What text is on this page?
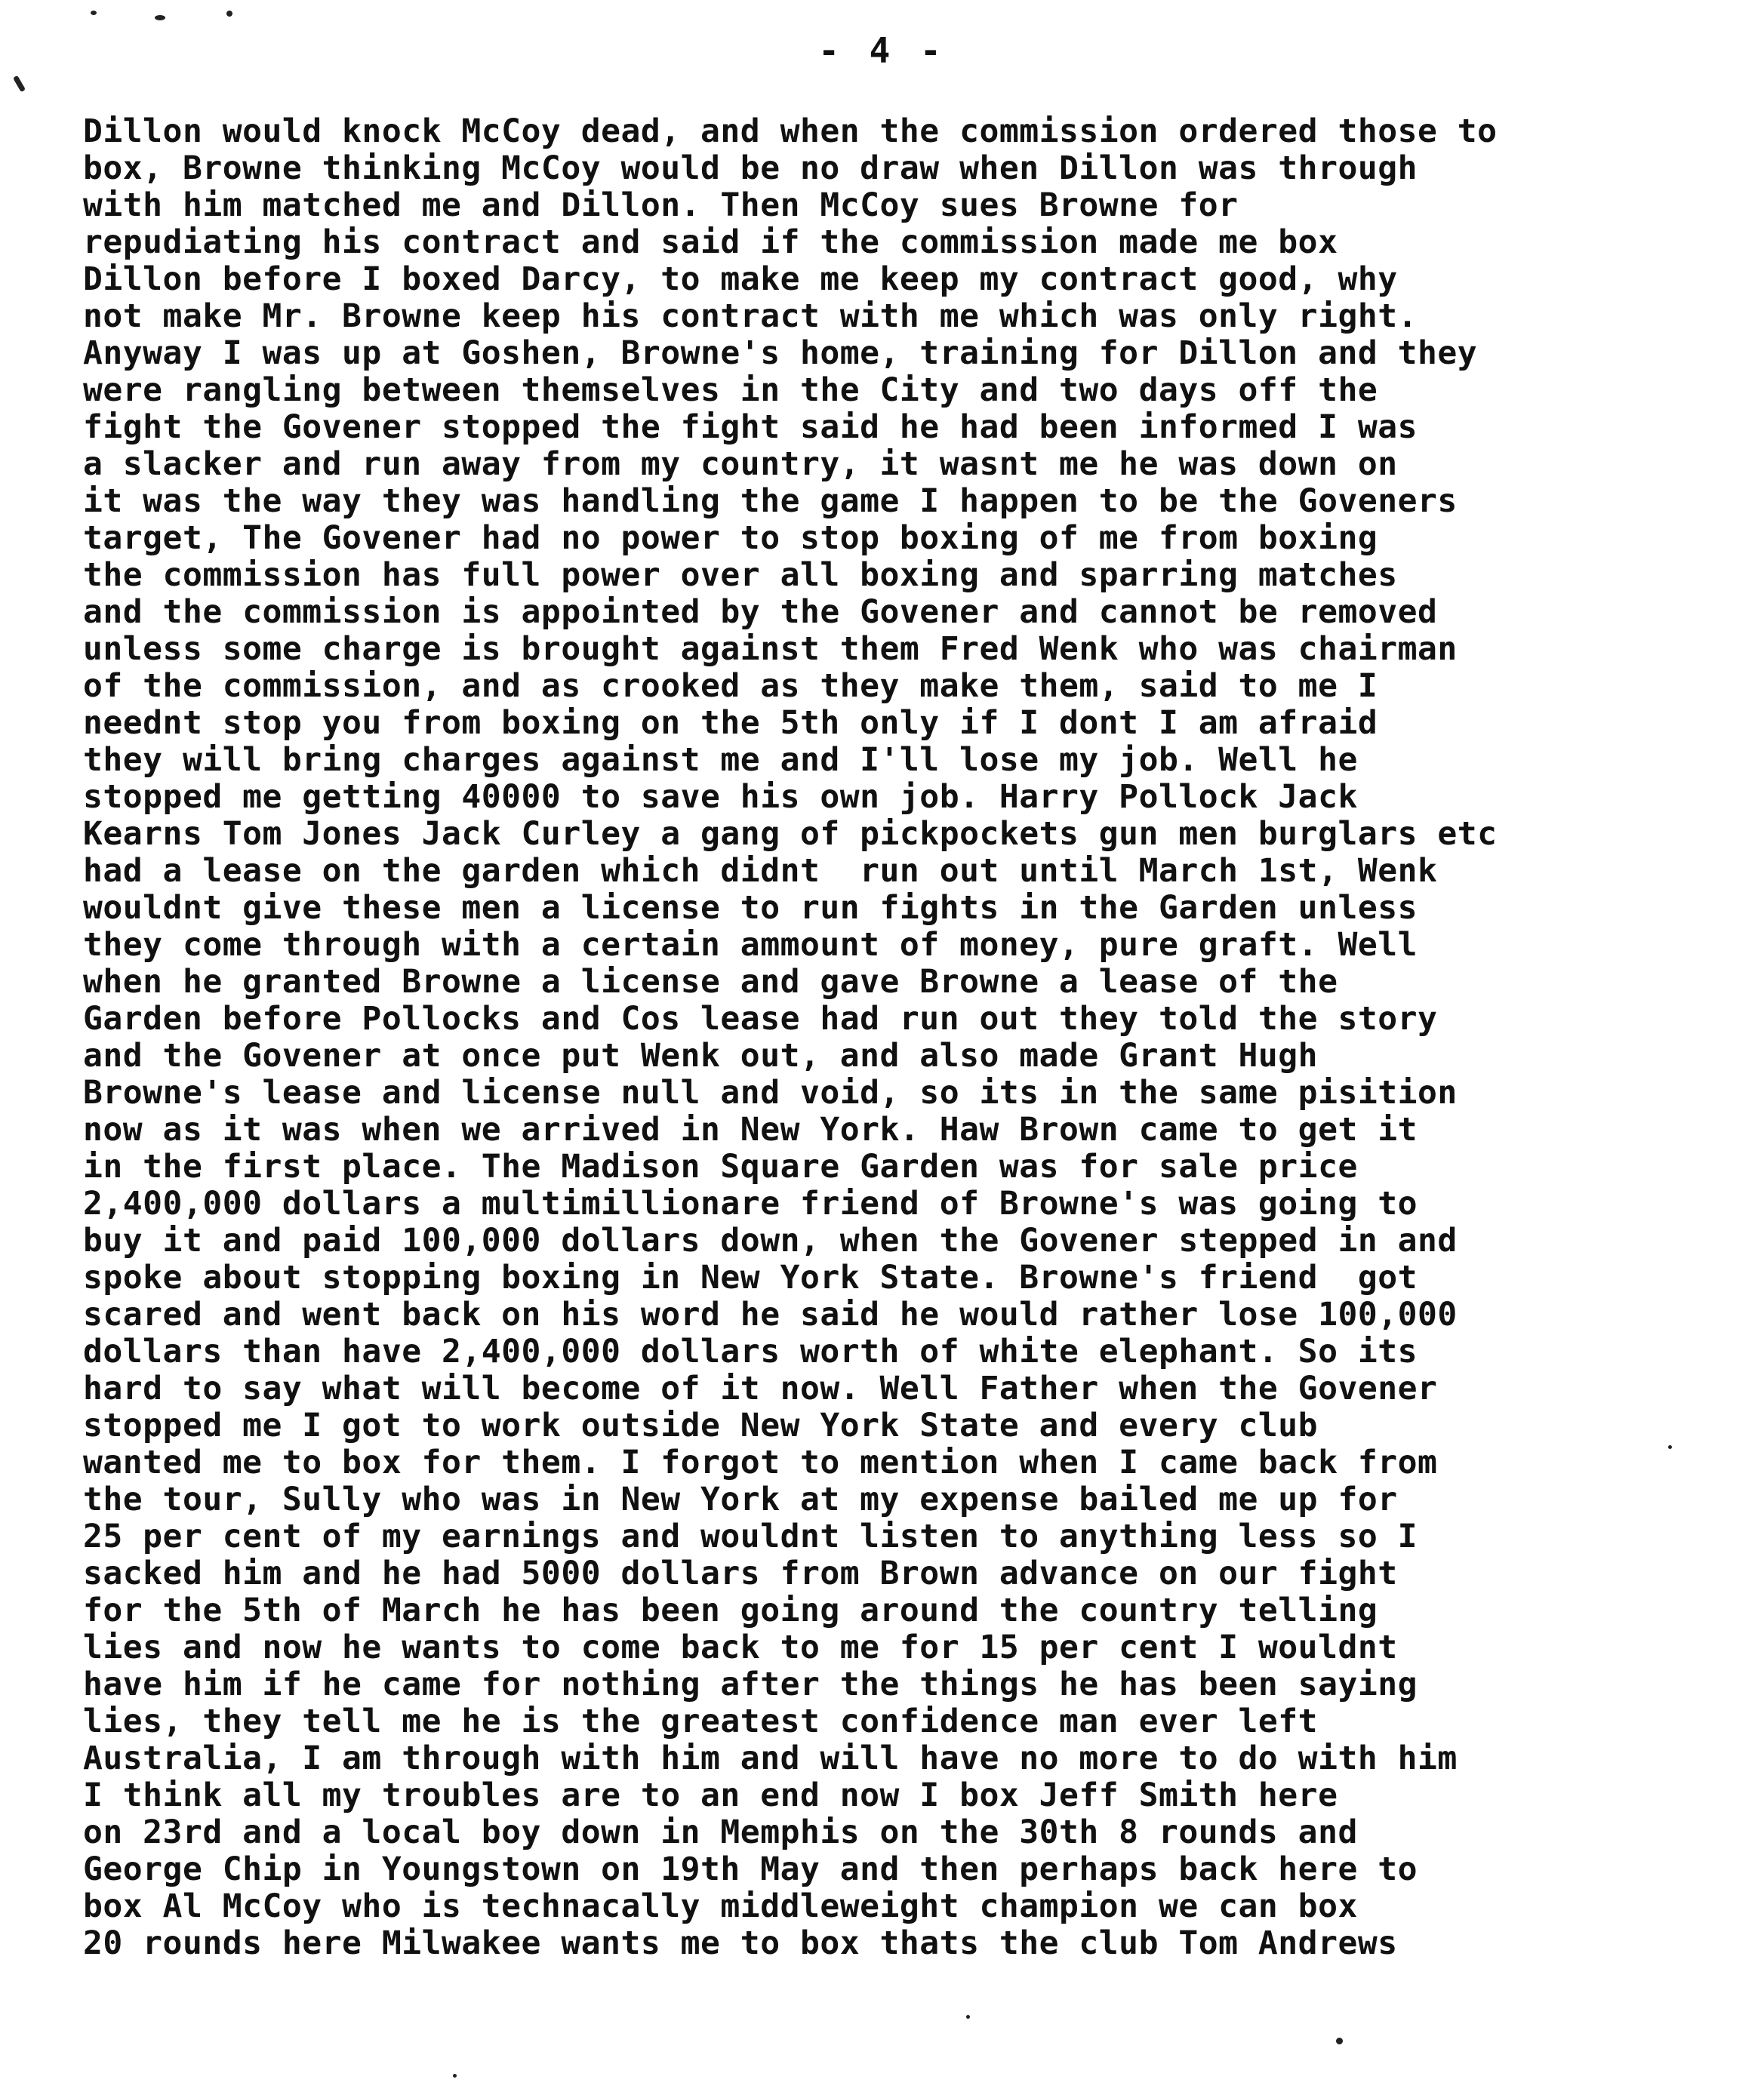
- 4 -
Dillon would knock McCoy dead, and when the commission ordered those to
box, Browne thinking McCoy would be no draw when Dillon was through
with him matched me and Dillon. Then McCoy sues Browne for
repudiating his contract and said if the commission made me box
Dillon before I boxed Darcy, to make me keep my contract good, why
not make Mr. Browne keep his contract with me which was only right.
Anyway I was up at Goshen, Browne's home, training for Dillon and they
were rangling between themselves in the City and two days off the
fight the Govener stopped the fight said he had been informed I was
a slacker and run away from my country, it wasnt me he was down on
it was the way they was handling the game I happen to be the Goveners
target, The Govener had no power to stop boxing of me from boxing
the commission has full power over all boxing and sparring matches
and the commission is appointed by the Govener and cannot be removed
unless some charge is brought against them Fred Wenk who was chairman
of the commission, and as crooked as they make them, said to me I
neednt stop you from boxing on the 5th only if I dont I am afraid
they will bring charges against me and I'll lose my job. Well he
stopped me getting 40000 to save his own job. Harry Pollock Jack
Kearns Tom Jones Jack Curley a gang of pickpockets gun men burglars etc
had a lease on the garden which didnt  run out until March 1st, Wenk
wouldnt give these men a license to run fights in the Garden unless
they come through with a certain ammount of money, pure graft. Well
when he granted Browne a license and gave Browne a lease of the
Garden before Pollocks and Cos lease had run out they told the story
and the Govener at once put Wenk out, and also made Grant Hugh
Browne's lease and license null and void, so its in the same pisition
now as it was when we arrived in New York. Haw Brown came to get it
in the first place. The Madison Square Garden was for sale price
2,400,000 dollars a multimillionare friend of Browne's was going to
buy it and paid 100,000 dollars down, when the Govener stepped in and
spoke about stopping boxing in New York State. Browne's friend  got
scared and went back on his word he said he would rather lose 100,000
dollars than have 2,400,000 dollars worth of white elephant. So its
hard to say what will become of it now. Well Father when the Govener
stopped me I got to work outside New York State and every club
wanted me to box for them. I forgot to mention when I came back from
the tour, Sully who was in New York at my expense bailed me up for
25 per cent of my earnings and wouldnt listen to anything less so I
sacked him and he had 5000 dollars from Brown advance on our fight
for the 5th of March he has been going around the country telling
lies and now he wants to come back to me for 15 per cent I wouldnt
have him if he came for nothing after the things he has been saying
lies, they tell me he is the greatest confidence man ever left
Australia, I am through with him and will have no more to do with him
I think all my troubles are to an end now I box Jeff Smith here
on 23rd and a local boy down in Memphis on the 30th 8 rounds and
George Chip in Youngstown on 19th May and then perhaps back here to
box Al McCoy who is technacally middleweight champion we can box
20 rounds here Milwakee wants me to box thats the club Tom Andrews
